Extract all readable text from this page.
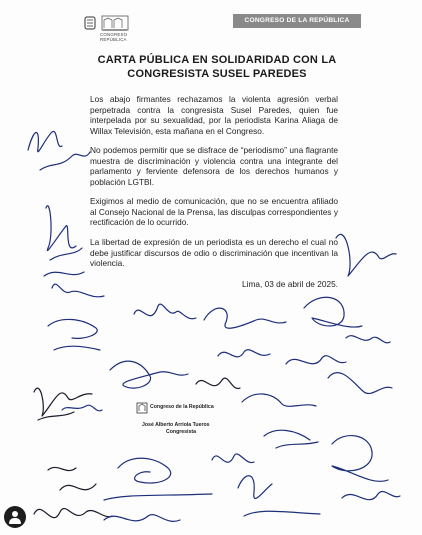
CONGRESO
REPÚBLICA
CONGRESO DE LA REPÚBLICA
CARTA PÚBLICA EN SOLIDARIDAD CON LA
CONGRESISTA SUSEL PAREDES
Los abajo firmantes rechazamos la violenta agresión verbal perpetrada contra la congresista Susel Paredes, quien fue interpelada por su sexualidad, por la periodista Karina Aliaga de Willax Televisión, esta mañana en el Congreso.
No podemos permitir que se disfrace de “periodismo” una flagrante muestra de discriminación y violencia contra una integrante del parlamento y ferviente defensora de los derechos humanos y población LGTBI.
Exigimos al medio de comunicación, que no se encuentra afiliado al Consejo Nacional de la Prensa, las disculpas correspondientes y rectificación de lo ocurrido.
La libertad de expresión de un periodista es un derecho el cual no debe justificar discursos de odio o discriminación que incentivan la violencia.
Lima, 03 de abril de 2025.
Congreso de la República
José Alberto Arriola Tueros
Congresista
